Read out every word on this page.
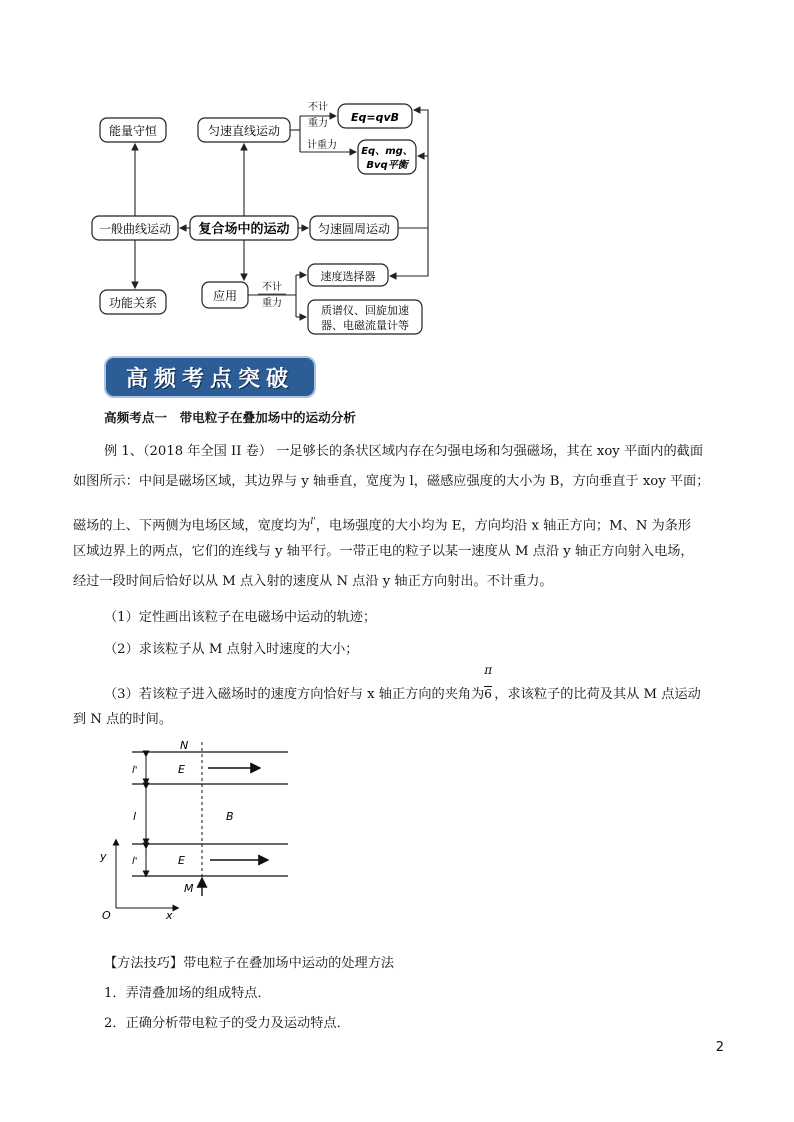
能量守恒	匀速直线运动
不计
重力 Eq=qvB
计重力
Eq、mg、
Bvq平衡
一般曲线运动 复合场中的运动 匀速圆周运动
功能关系	应用
不计
重力
速度选择器
质谱仪、回旋加速
器、电磁流量计等
高频考点突破
高频考点一　带电粒子在叠加场中的运动分析
例 1、（2018 年全国 II 卷） 一足够长的条状区域内存在匀强电场和匀强磁场，其在 xoy 平面内的截面
如图所示：中间是磁场区域，其边界与 y 轴垂直，宽度为 l，磁感应强度的大小为 B，方向垂直于 xoy 平面；
磁场的上、下两侧为电场区域，宽度均为$^{l'}$，电场强度的大小均为 E，方向均沿 x 轴正方向；M、N 为条形
区域边界上的两点，它们的连线与 y 轴平行。一带正电的粒子以某一速度从 M 点沿 y 轴正方向射入电场，
经过一段时间后恰好以从 M 点入射的速度从 N 点沿 y 轴正方向射出。不计重力。
（1）定性画出该粒子在电磁场中运动的轨迹；
（2）求该粒子从 M 点射入时速度的大小；
（3）若该粒子进入磁场时的速度方向恰好与 x 轴正方向的夹角为 $\frac{\pi}{6}$，求该粒子的比荷及其从 M 点运动
到 N 点的时间。
N
E
B
E
M
l'
l
l'
y
x
O
【方法技巧】带电粒子在叠加场中运动的处理方法
1．弄清叠加场的组成特点．
2．正确分析带电粒子的受力及运动特点．
2
